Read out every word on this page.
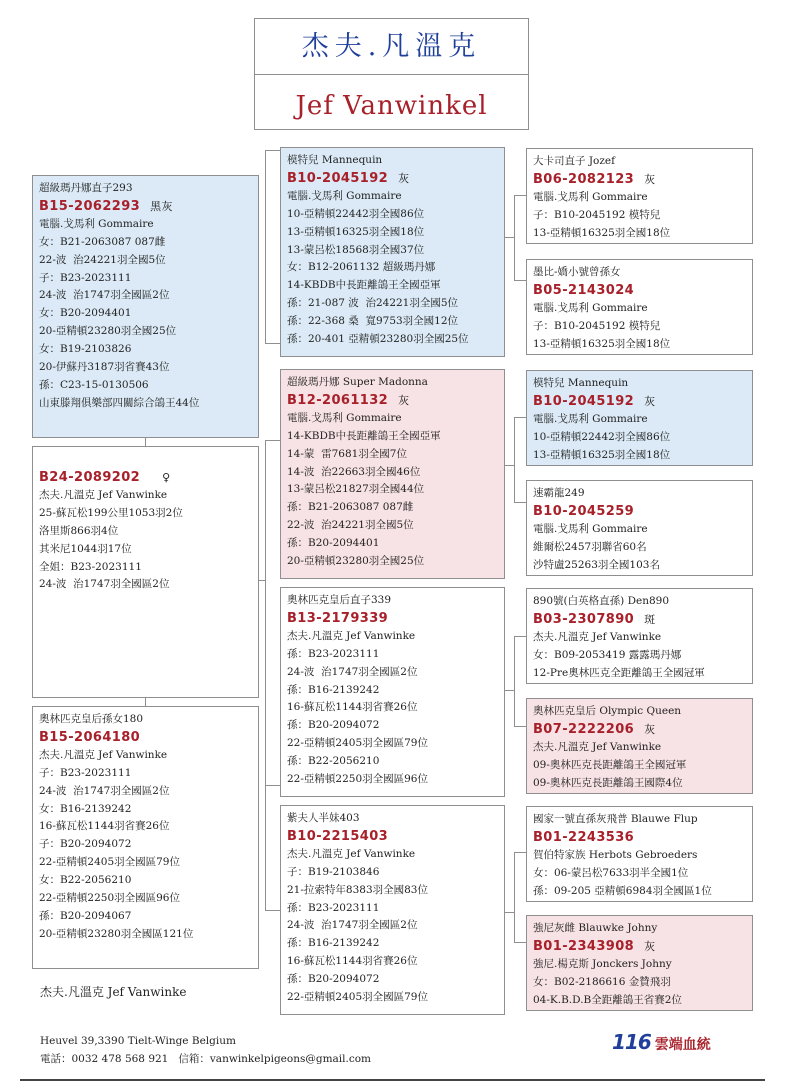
杰夫.凡溫克
Jef Vanwinkel
超級瑪丹娜直子293
B15-2062293 黑灰
電腦.戈馬利 Gommaire
女：B21-2063087 087雌
22-波  治24221羽全國5位
子：B23-2023111
24-波  治1747羽全國區2位
女：B20-2094401
20-亞精頓23280羽全國25位
女：B19-2103826
20-伊蘇丹3187羽省賽43位
孫：C23-15-0130506
山東滕翔俱樂部四關綜合鴿王44位
B24-2089202 ♀
杰夫.凡溫克 Jef Vanwinke
25-蘇瓦松199公里1053羽2位
洛里斯866羽4位
其米尼1044羽17位
全姐：B23-2023111
24-波  治1747羽全國區2位
奧林匹克皇后孫女180
B15-2064180
杰夫.凡溫克 Jef Vanwinke
子：B23-2023111
24-波  治1747羽全國區2位
女：B16-2139242
16-蘇瓦松1144羽省賽26位
子：B20-2094072
22-亞精頓2405羽全國區79位
女：B22-2056210
22-亞精頓2250羽全國區96位
孫：B20-2094067
20-亞精頓23280羽全國區121位
杰夫.凡溫克 Jef Vanwinke
模特兒 Mannequin
B10-2045192 灰
電腦.戈馬利 Gommaire
10-亞精頓22442羽全國86位
13-亞精頓16325羽全國18位
13-蒙呂松18568羽全國37位
女：B12-2061132 超級瑪丹娜
14-KBDB中長距離鴿王全國亞軍
孫：21-087 波  治24221羽全國5位
孫：22-368 桑  寬9753羽全國12位
孫：20-401 亞精頓23280羽全國25位
超級瑪丹娜 Super Madonna
B12-2061132 灰
電腦.戈馬利 Gommaire
14-KBDB中長距離鴿王全國亞軍
14-蒙  雷7681羽全國7位
14-波  治22663羽全國46位
13-蒙呂松21827羽全國44位
孫：B21-2063087 087雌
22-波  治24221羽全國5位
孫：B20-2094401
20-亞精頓23280羽全國25位
奧林匹克皇后直子339
B13-2179339
杰夫.凡溫克 Jef Vanwinke
孫：B23-2023111
24-波  治1747羽全國區2位
孫：B16-2139242
16-蘇瓦松1144羽省賽26位
孫：B20-2094072
22-亞精頓2405羽全國區79位
孫：B22-2056210
22-亞精頓2250羽全國區96位
紫夫人半妹403
B10-2215403
杰夫.凡溫克 Jef Vanwinke
子：B19-2103846
21-拉索特年8383羽全國83位
孫：B23-2023111
24-波  治1747羽全國區2位
孫：B16-2139242
16-蘇瓦松1144羽省賽26位
孫：B20-2094072
22-亞精頓2405羽全國區79位
大卡司直子 Jozef
B06-2082123 灰
電腦.戈馬利 Gommaire
子：B10-2045192 模特兒
13-亞精頓16325羽全國18位
墨比-嬌小號曾孫女
B05-2143024
電腦.戈馬利 Gommaire
子：B10-2045192 模特兒
13-亞精頓16325羽全國18位
模特兒 Mannequin
B10-2045192 灰
電腦.戈馬利 Gommaire
10-亞精頓22442羽全國86位
13-亞精頓16325羽全國18位
速霸龍249
B10-2045259
電腦.戈馬利 Gommaire
維爾松2457羽聯省60名
沙特盧25263羽全國103名
890號(白英格直孫) Den890
B03-2307890 斑
杰夫.凡溫克 Jef Vanwinke
女：B09-2053419 露露瑪丹娜
12-Pre奧林匹克全距離鴿王全國冠軍
奧林匹克皇后 Olympic Queen
B07-2222206 灰
杰夫.凡溫克 Jef Vanwinke
09-奧林匹克長距離鴿王全國冠軍
09-奧林匹克長距離鴿王國際4位
國家一號直孫灰飛普 Blauwe Flup
B01-2243536
賀伯特家族 Herbots Gebroeders
女：06-蒙呂松7633羽半全國1位
孫：09-205 亞精頓6984羽全國區1位
強尼灰雌 Blauwke Johny
B01-2343908 灰
強尼.楊克斯 Jonckers Johny
女：B02-2186616 金贊飛羽
04-K.B.D.B全距離鴿王省賽2位
Heuvel 39,3390 Tielt-Winge Belgium
電話：0032 478 568 921   信箱：vanwinkelpigeons@gmail.com
116 雲端血統
